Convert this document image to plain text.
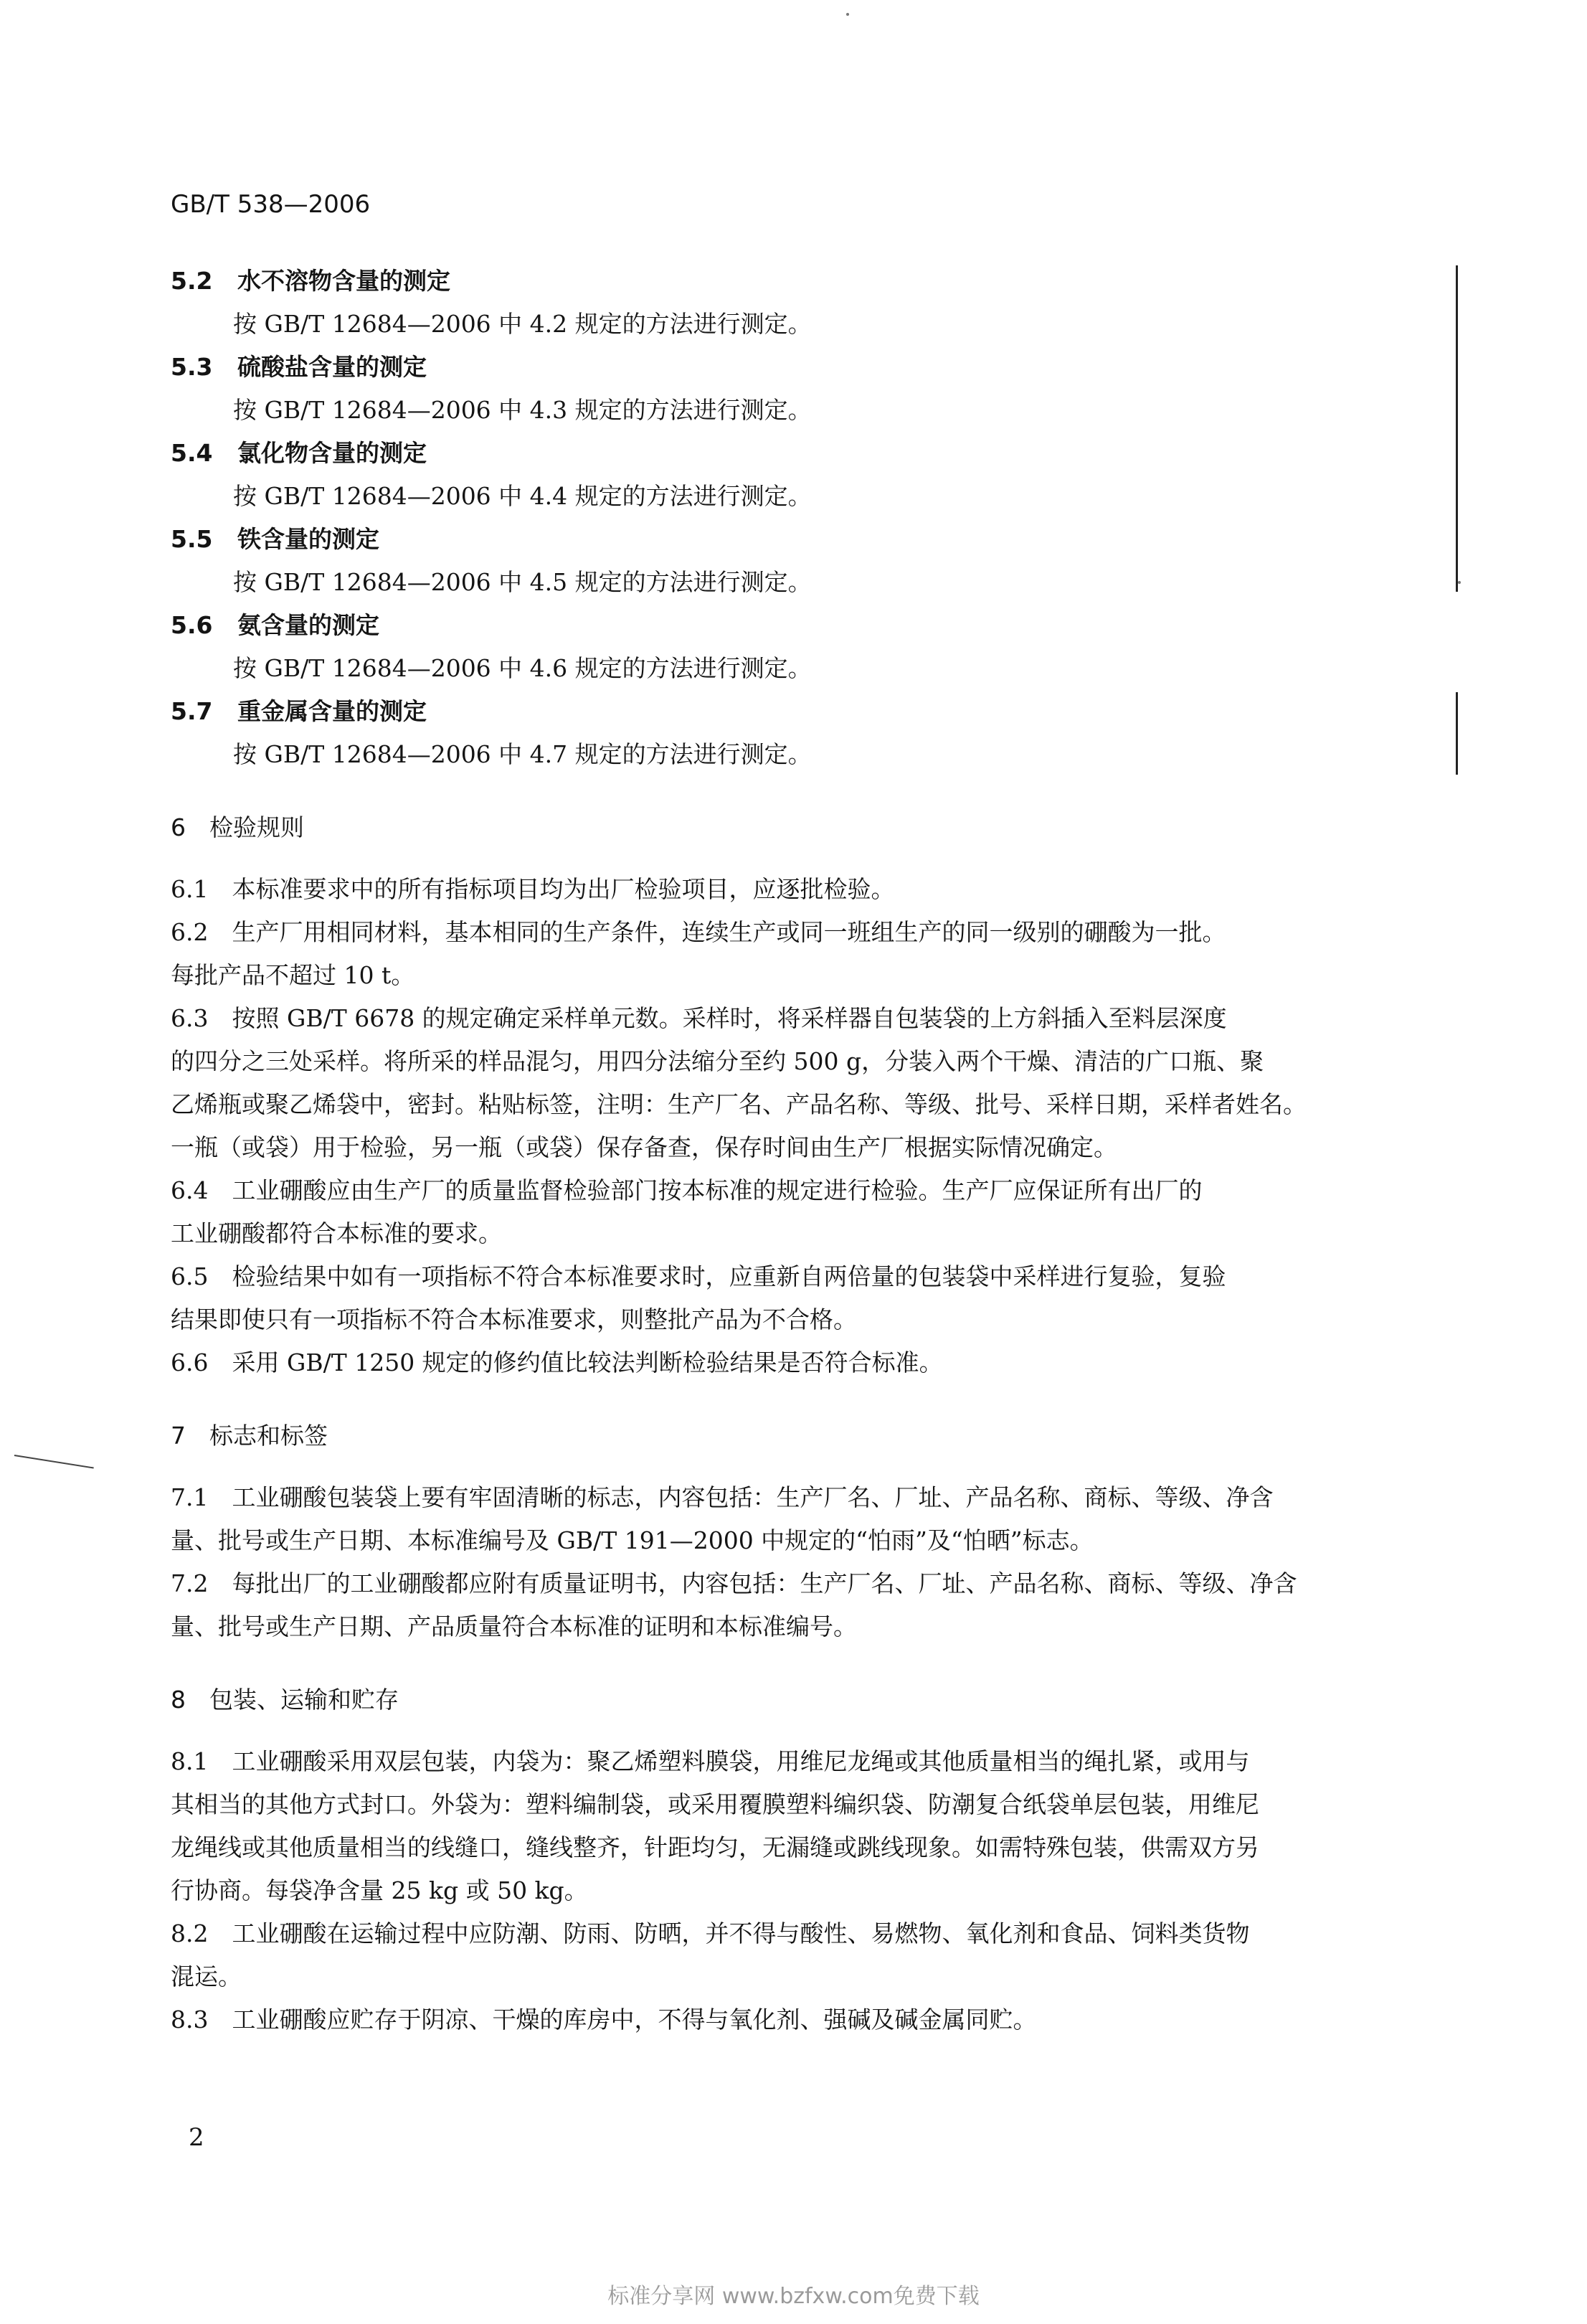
GB/T 538—2006
5.2 水不溶物含量的测定
按 GB/T 12684—2006 中 4.2 规定的方法进行测定。
5.3 硫酸盐含量的测定
按 GB/T 12684—2006 中 4.3 规定的方法进行测定。
5.4 氯化物含量的测定
按 GB/T 12684—2006 中 4.4 规定的方法进行测定。
5.5 铁含量的测定
按 GB/T 12684—2006 中 4.5 规定的方法进行测定。
5.6 氨含量的测定
按 GB/T 12684—2006 中 4.6 规定的方法进行测定。
5.7 重金属含量的测定
按 GB/T 12684—2006 中 4.7 规定的方法进行测定。
6　检验规则
6.1　本标准要求中的所有指标项目均为出厂检验项目，应逐批检验。
6.2　生产厂用相同材料，基本相同的生产条件，连续生产或同一班组生产的同一级别的硼酸为一批。
每批产品不超过 10 t。
6.3　按照 GB/T 6678 的规定确定采样单元数。采样时，将采样器自包装袋的上方斜插入至料层深度
的四分之三处采样。将所采的样品混匀，用四分法缩分至约 500 g，分装入两个干燥、清洁的广口瓶、聚
乙烯瓶或聚乙烯袋中，密封。粘贴标签，注明：生产厂名、产品名称、等级、批号、采样日期，采样者姓名。
一瓶（或袋）用于检验，另一瓶（或袋）保存备查，保存时间由生产厂根据实际情况确定。
6.4　工业硼酸应由生产厂的质量监督检验部门按本标准的规定进行检验。生产厂应保证所有出厂的
工业硼酸都符合本标准的要求。
6.5　检验结果中如有一项指标不符合本标准要求时，应重新自两倍量的包装袋中采样进行复验，复验
结果即使只有一项指标不符合本标准要求，则整批产品为不合格。
6.6　采用 GB/T 1250 规定的修约值比较法判断检验结果是否符合标准。
7　标志和标签
7.1　工业硼酸包装袋上要有牢固清晰的标志，内容包括：生产厂名、厂址、产品名称、商标、等级、净含
量、批号或生产日期、本标准编号及 GB/T 191—2000 中规定的“怕雨”及“怕晒”标志。
7.2　每批出厂的工业硼酸都应附有质量证明书，内容包括：生产厂名、厂址、产品名称、商标、等级、净含
量、批号或生产日期、产品质量符合本标准的证明和本标准编号。
8　包装、运输和贮存
8.1　工业硼酸采用双层包装，内袋为：聚乙烯塑料膜袋，用维尼龙绳或其他质量相当的绳扎紧，或用与
其相当的其他方式封口。外袋为：塑料编制袋，或采用覆膜塑料编织袋、防潮复合纸袋单层包装，用维尼
龙绳线或其他质量相当的线缝口，缝线整齐，针距均匀，无漏缝或跳线现象。如需特殊包装，供需双方另
行协商。每袋净含量 25 kg 或 50 kg。
8.2　工业硼酸在运输过程中应防潮、防雨、防晒，并不得与酸性、易燃物、氧化剂和食品、饲料类货物
混运。
8.3　工业硼酸应贮存于阴凉、干燥的库房中，不得与氧化剂、强碱及碱金属同贮。
2
标准分享网 www.bzfxw.com免费下载
